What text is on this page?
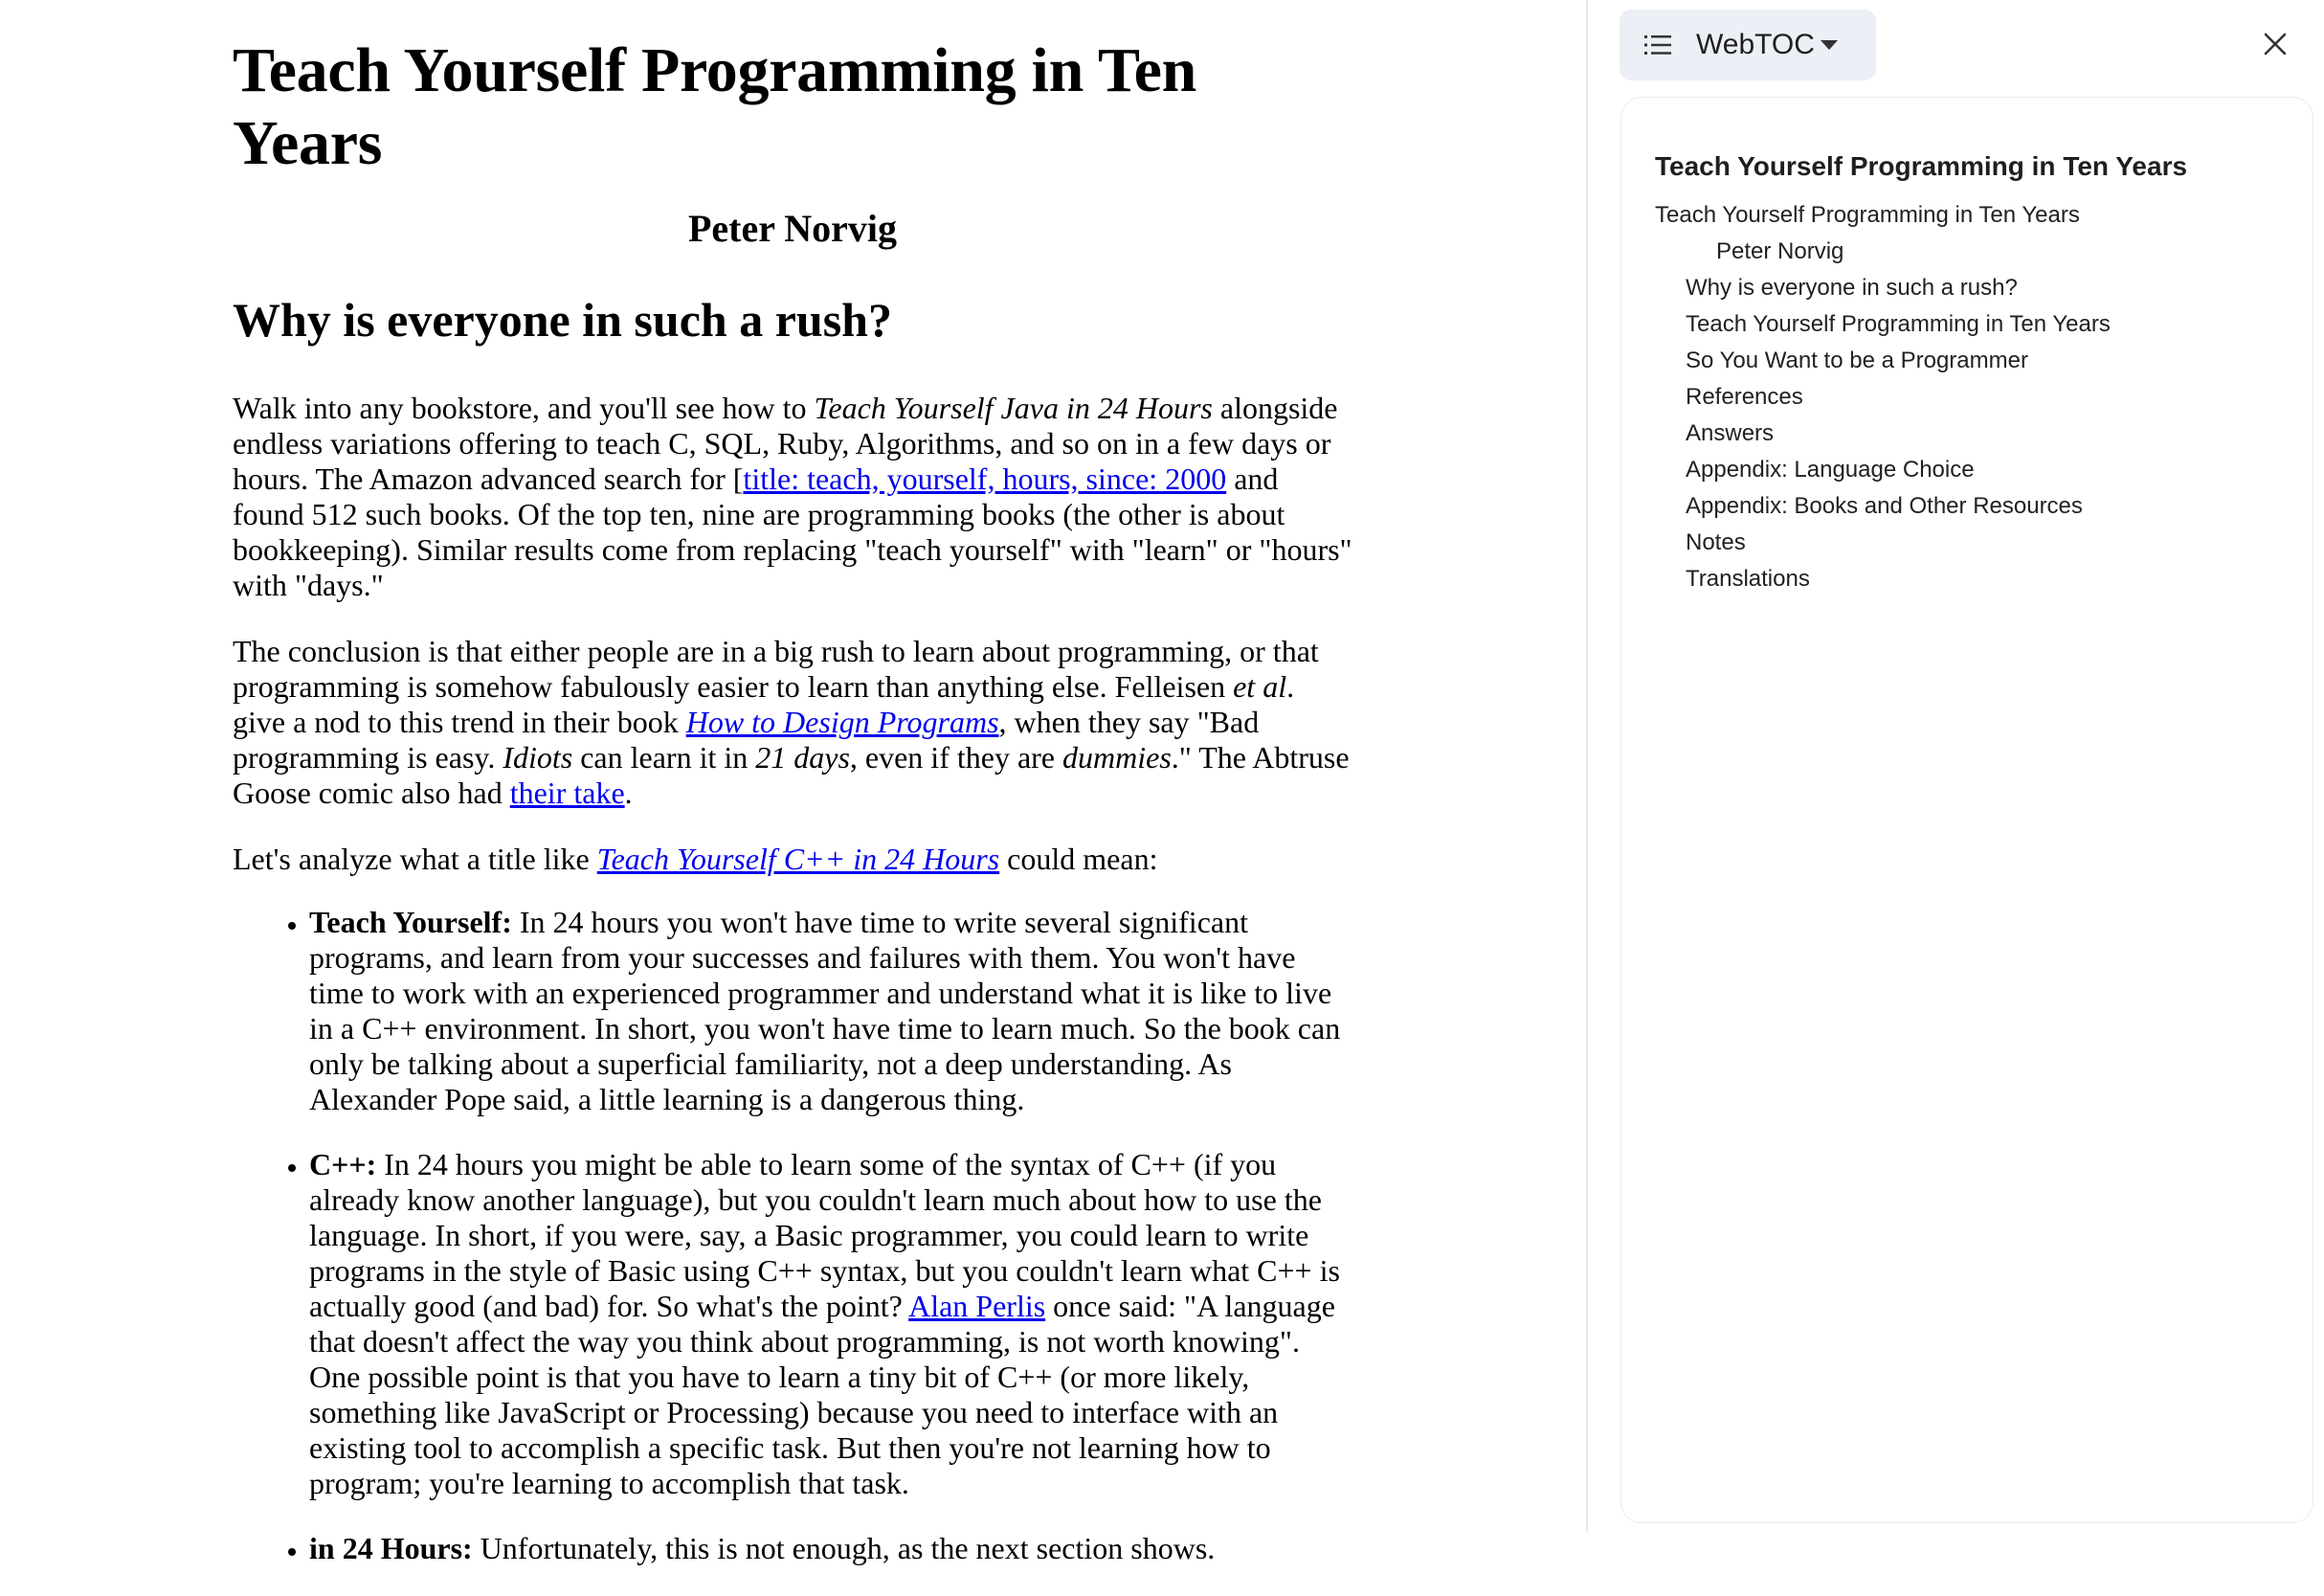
Teach Yourself Programming in Ten Years
Peter Norvig
Why is everyone in such a rush?

Walk into any bookstore, and you'll see how to Teach Yourself Java in 24 Hours alongside endless variations offering to teach C, SQL, Ruby, Algorithms, and so on in a few days or hours. The Amazon advanced search for [title: teach, yourself, hours, since: 2000 and found 512 such books. Of the top ten, nine are programming books (the other is about bookkeeping). Similar results come from replacing "teach yourself" with "learn" or "hours" with "days."

The conclusion is that either people are in a big rush to learn about programming, or that programming is somehow fabulously easier to learn than anything else. Felleisen et al. give a nod to this trend in their book How to Design Programs, when they say "Bad programming is easy. Idiots can learn it in 21 days, even if they are dummies." The Abtruse Goose comic also had their take.

Let's analyze what a title like Teach Yourself C++ in 24 Hours could mean:

• Teach Yourself: In 24 hours you won't have time to write several significant programs, and learn from your successes and failures with them. You won't have time to work with an experienced programmer and understand what it is like to live in a C++ environment. In short, you won't have time to learn much. So the book can only be talking about a superficial familiarity, not a deep understanding. As Alexander Pope said, a little learning is a dangerous thing.
• C++: In 24 hours you might be able to learn some of the syntax of C++ (if you already know another language), but you couldn't learn much about how to use the language. In short, if you were, say, a Basic programmer, you could learn to write programs in the style of Basic using C++ syntax, but you couldn't learn what C++ is actually good (and bad) for. So what's the point? Alan Perlis once said: "A language that doesn't affect the way you think about programming, is not worth knowing". One possible point is that you have to learn a tiny bit of C++ (or more likely, something like JavaScript or Processing) because you need to interface with an existing tool to accomplish a specific task. But then you're not learning how to program; you're learning to accomplish that task.
• in 24 Hours: Unfortunately, this is not enough, as the next section shows.
WebTOC
Teach Yourself Programming in Ten Years
Teach Yourself Programming in Ten Years
Peter Norvig
Why is everyone in such a rush?
Teach Yourself Programming in Ten Years
So You Want to be a Programmer
References
Answers
Appendix: Language Choice
Appendix: Books and Other Resources
Notes
Translations
